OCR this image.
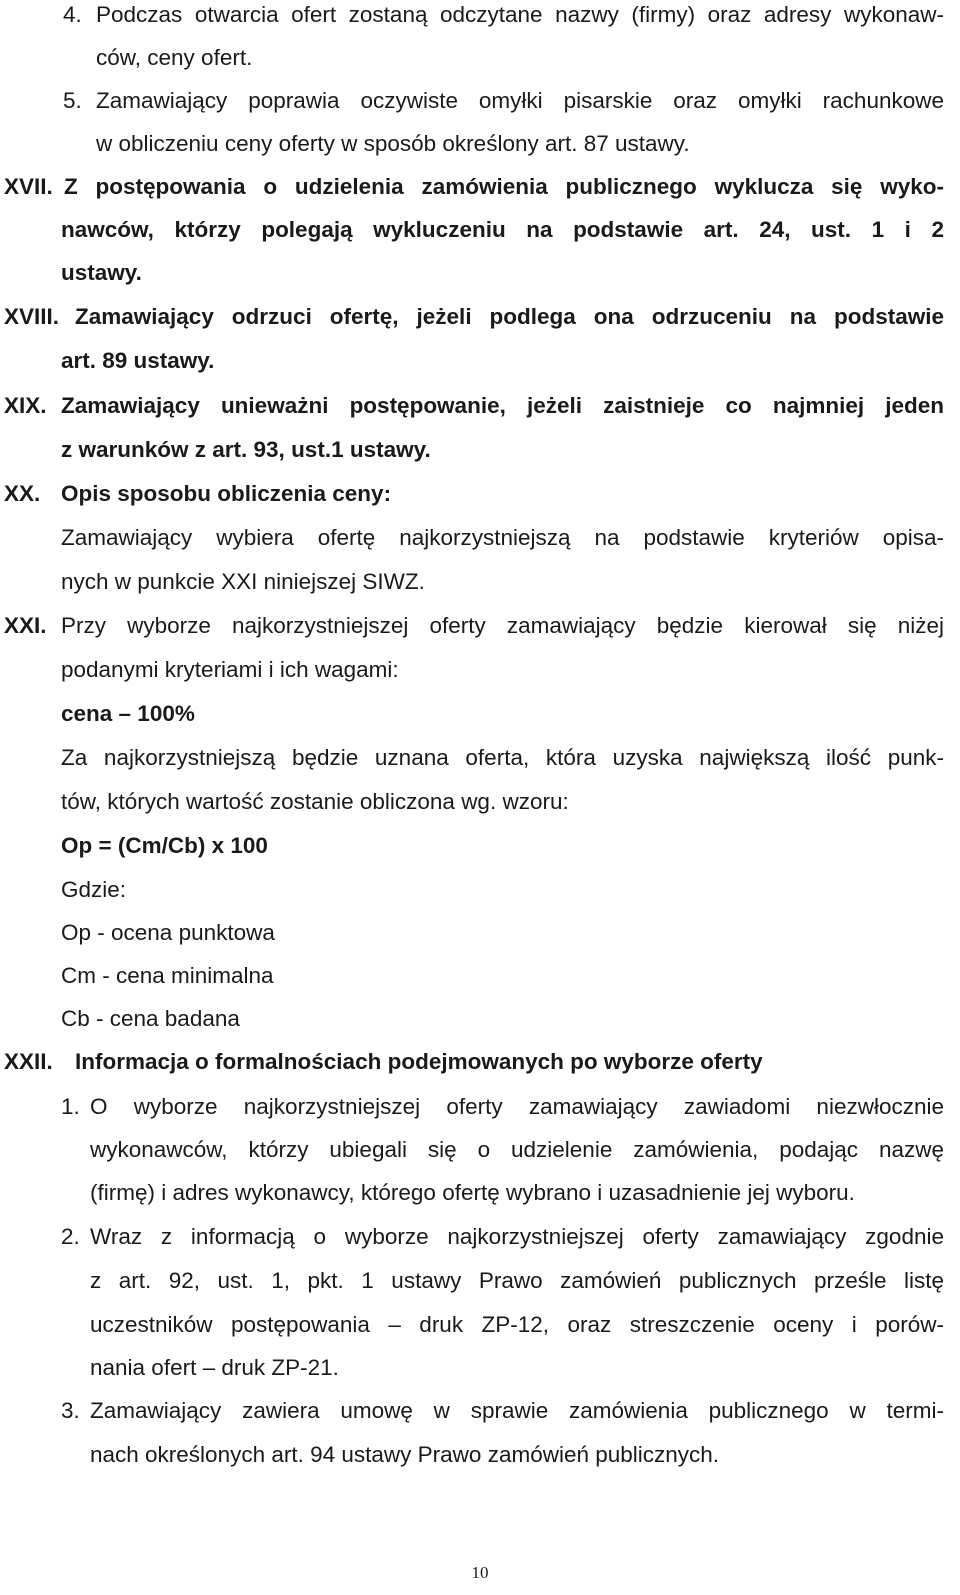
4. Podczas otwarcia ofert zostaną odczytane nazwy (firmy) oraz adresy wykonaw-
ców, ceny ofert.
5. Zamawiający poprawia oczywiste omyłki pisarskie oraz omyłki rachunkowe
w obliczeniu ceny oferty w sposób określony art. 87 ustawy.
XVII. Z postępowania o udzielenia zamówienia publicznego wyklucza się wyko-
nawców, którzy polegają wykluczeniu na podstawie art. 24, ust. 1 i 2
ustawy.
XVIII. Zamawiający odrzuci ofertę, jeżeli podlega ona odrzuceniu na podstawie
art. 89 ustawy.
XIX. Zamawiający unieważni postępowanie, jeżeli zaistnieje co najmniej jeden
z warunków z art. 93, ust.1 ustawy.
XX. Opis sposobu obliczenia ceny:
Zamawiający wybiera ofertę najkorzystniejszą na podstawie kryteriów opisa-
nych w punkcie XXI niniejszej SIWZ.
XXI. Przy wyborze najkorzystniejszej oferty zamawiający będzie kierował się niżej
podanymi kryteriami i ich wagami:
cena – 100%
Za najkorzystniejszą będzie uznana oferta, która uzyska największą ilość punk-
tów, których wartość zostanie obliczona wg. wzoru:
Op = (Cm/Cb) x 100
Gdzie:
Op - ocena punktowa
Cm - cena minimalna
Cb - cena badana
XXII. Informacja o formalnościach podejmowanych po wyborze oferty
1. O wyborze najkorzystniejszej oferty zamawiający zawiadomi niezwłocznie
wykonawców, którzy ubiegali się o udzielenie zamówienia, podając nazwę
(firmę) i adres wykonawcy, którego ofertę wybrano i uzasadnienie jej wyboru.
2. Wraz z informacją o wyborze najkorzystniejszej oferty zamawiający zgodnie
z art. 92, ust. 1, pkt. 1 ustawy Prawo zamówień publicznych prześle listę
uczestników postępowania – druk ZP-12, oraz streszczenie oceny i porów-
nania ofert – druk ZP-21.
3. Zamawiający zawiera umowę w sprawie zamówienia publicznego w termi-
nach określonych art. 94 ustawy Prawo zamówień publicznych.
10
